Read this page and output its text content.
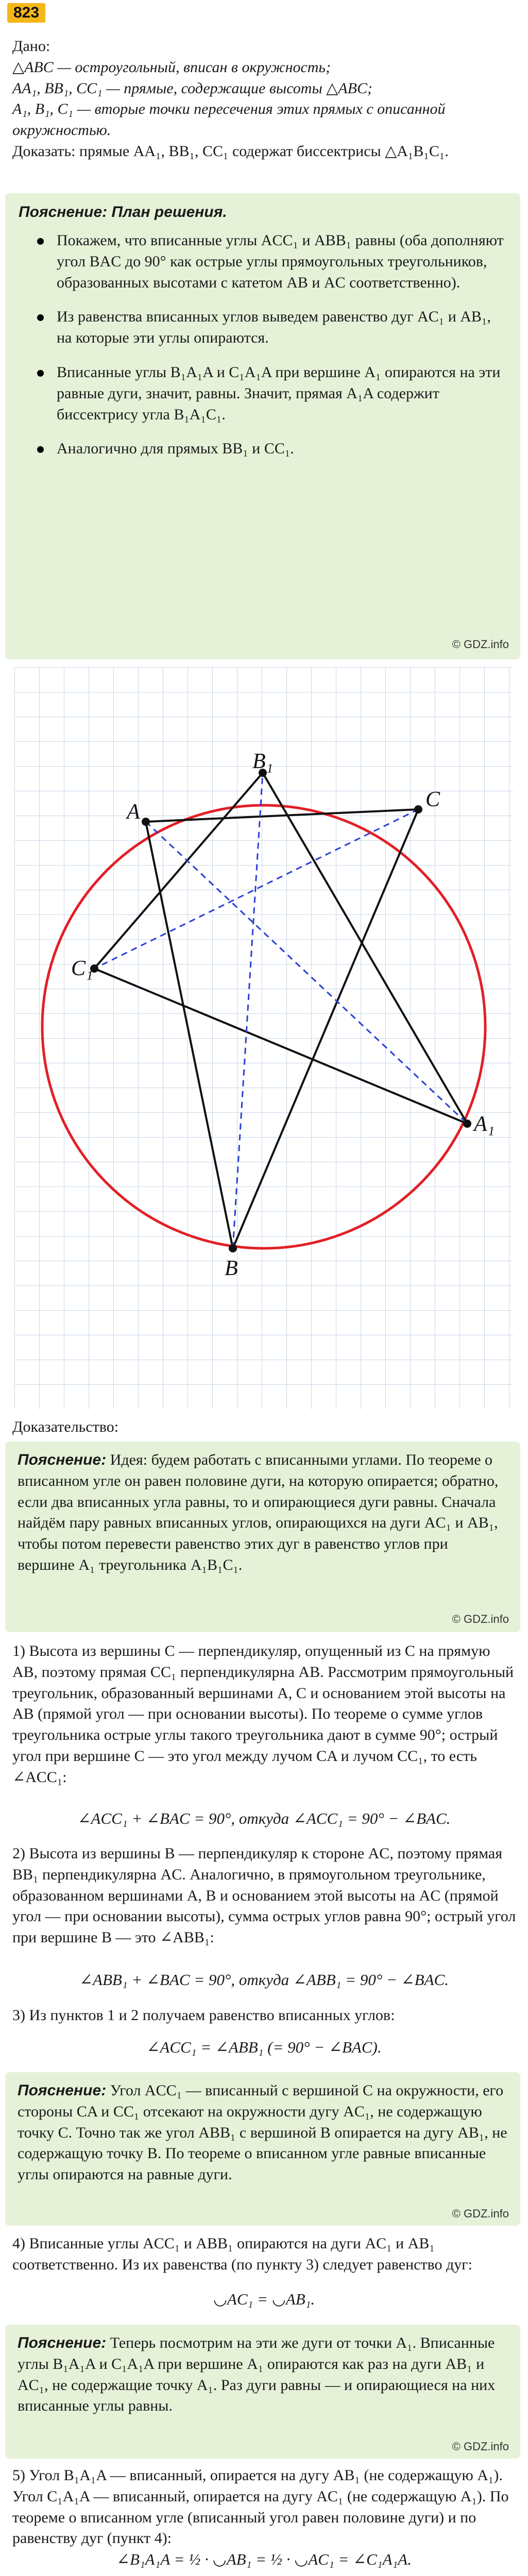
823

Дано:

△ABC — остроугольный, вписан в окружность;

AA₁, BB₁, CC₁ — прямые, содержащие высоты △ABC;

A₁, B₁, C₁ — вторые точки пересечения этих прямых с описанной окружностью.

Доказать: прямые AA₁, BB₁, CC₁ содержат биссектрисы △A₁B₁C₁.

Пояснение: План решения.

Покажем, что вписанные углы ACC₁ и ABB₁ равны (оба дополняют угол BAC до 90° как острые углы прямоугольных треугольников, образованных высотами с катетом AB и AC соответственно).
Из равенства вписанных углов выведем равенство дуг AC₁ и AB₁, на которые эти углы опираются.
Вписанные углы B₁A₁A и C₁A₁A при вершине A₁ опираются на эти равные дуги, значит, равны. Значит, прямая A₁A содержит биссектрису угла B₁A₁C₁.
Аналогично для прямых BB₁ и CC₁.
© GDZ.info
A
C
B
B₁
C₁
A₁
Доказательство:

Пояснение: Идея: будем работать с вписанными углами. По теореме о вписанном угле он равен половине дуги, на которую опирается; обратно, если два вписанных угла равны, то и опирающиеся дуги равны. Сначала найдём пару равных вписанных углов, опирающихся на дуги AC₁ и AB₁, чтобы потом перевести равенство этих дуг в равенство углов при вершине A₁ треугольника A₁B₁C₁.

© GDZ.info

1) Высота из вершины C — перпендикуляр, опущенный из C на прямую AB, поэтому прямая CC₁ перпендикулярна AB. Рассмотрим прямоугольный треугольник, образованный вершинами A, C и основанием этой высоты на AB (прямой угол — при основании высоты). По теореме о сумме углов треугольника острые углы такого треугольника дают в сумме 90°; острый угол при вершине C — это угол между лучом CA и лучом CC₁, то есть ∠ACC₁:

∠ACC₁ + ∠BAC = 90°, откуда ∠ACC₁ = 90° − ∠BAC.

2) Высота из вершины B — перпендикуляр к стороне AC, поэтому прямая BB₁ перпендикулярна AC. Аналогично, в прямоугольном треугольнике, образованном вершинами A, B и основанием этой высоты на AC (прямой угол — при основании высоты), сумма острых углов равна 90°; острый угол при вершине B — это ∠ABB₁:

∠ABB₁ + ∠BAC = 90°, откуда ∠ABB₁ = 90° − ∠BAC.

3) Из пунктов 1 и 2 получаем равенство вписанных углов:

∠ACC₁ = ∠ABB₁ (= 90° − ∠BAC).

Пояснение: Угол ACC₁ — вписанный с вершиной C на окружности, его стороны CA и CC₁ отсекают на окружности дугу AC₁, не содержащую точку C. Точно так же угол ABB₁ с вершиной B опирается на дугу AB₁, не содержащую точку B. По теореме о вписанном угле равные вписанные углы опираются на равные дуги.

© GDZ.info

4) Вписанные углы ACC₁ и ABB₁ опираются на дуги AC₁ и AB₁ соответственно. Из их равенства (по пункту 3) следует равенство дуг:

◡AC₁ = ◡AB₁.

Пояснение: Теперь посмотрим на эти же дуги от точки A₁. Вписанные углы B₁A₁A и C₁A₁A при вершине A₁ опираются как раз на дуги AB₁ и AC₁, не содержащие точку A₁. Раз дуги равны — и опирающиеся на них вписанные углы равны.

© GDZ.info

5) Угол B₁A₁A — вписанный, опирается на дугу AB₁ (не содержащую A₁). Угол C₁A₁A — вписанный, опирается на дугу AC₁ (не содержащую A₁). По теореме о вписанном угле (вписанный угол равен половине дуги) и по равенству дуг (пункт 4):

∠B₁A₁A = ½ · ◡AB₁ = ½ · ◡AC₁ = ∠C₁A₁A.
